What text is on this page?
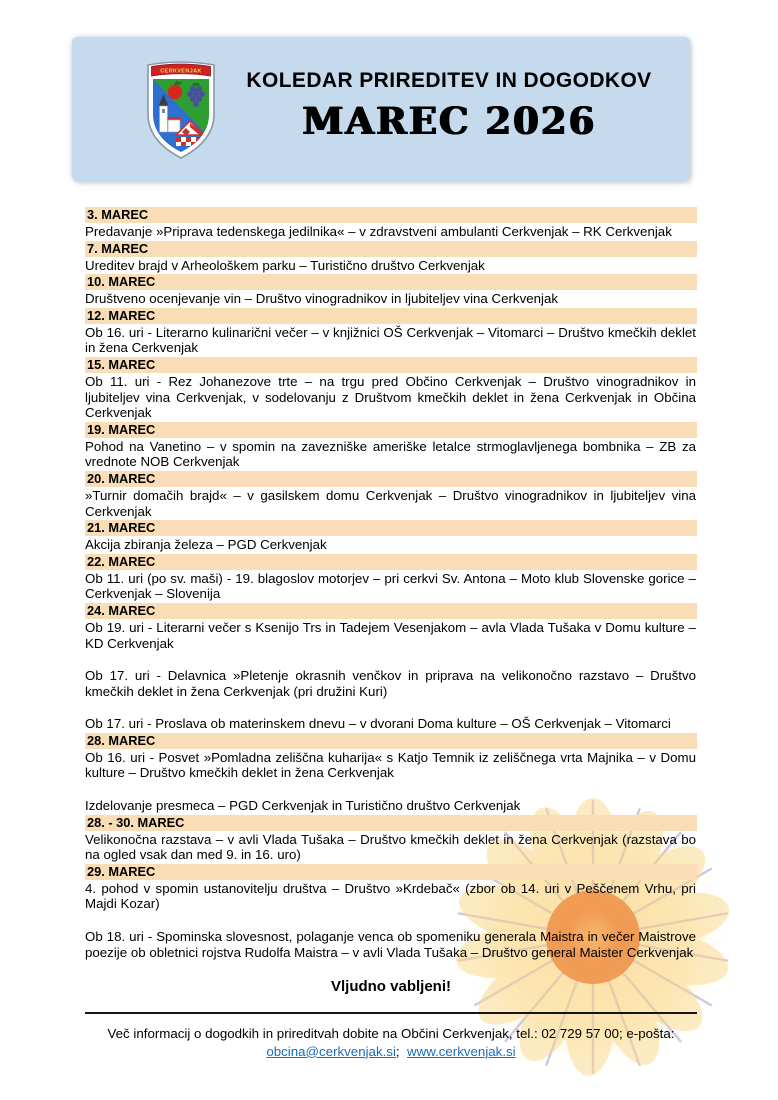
CERKVENJAK	KOLEDAR PRIREDITEV IN DOGODKOV
MAREC 2026
3. MAREC

Predavanje »Priprava tedenskega jedilnika« – v zdravstveni ambulanti Cerkvenjak – RK Cerkvenjak

7. MAREC

Ureditev brajd v Arheološkem parku – Turistično društvo Cerkvenjak

10. MAREC

Društveno ocenjevanje vin – Društvo vinogradnikov in ljubiteljev vina Cerkvenjak

12. MAREC

Ob 16. uri - Literarno kulinarični večer – v knjižnici OŠ Cerkvenjak – Vitomarci – Društvo kmečkih deklet in žena Cerkvenjak

15. MAREC

Ob 11. uri - Rez Johanezove trte – na trgu pred Občino Cerkvenjak – Društvo vinogradnikov in ljubiteljev vina Cerkvenjak, v sodelovanju z Društvom kmečkih deklet in žena Cerkvenjak in Občina Cerkvenjak

19. MAREC

Pohod na Vanetino – v spomin na zavezniške ameriške letalce strmoglavljenega bombnika – ZB za vrednote NOB Cerkvenjak

20. MAREC

»Turnir domačih brajd« – v gasilskem domu Cerkvenjak – Društvo vinogradnikov in ljubiteljev vina Cerkvenjak

21. MAREC

Akcija zbiranja železa – PGD Cerkvenjak

22. MAREC

Ob 11. uri (po sv. maši) - 19. blagoslov motorjev – pri cerkvi Sv. Antona – Moto klub Slovenske gorice – Cerkvenjak – Slovenija

24. MAREC

Ob 19. uri - Literarni večer s Ksenijo Trs in Tadejem Vesenjakom – avla Vlada Tušaka v Domu kulture – KD Cerkvenjak

Ob 17. uri - Delavnica »Pletenje okrasnih venčkov in priprava na velikonočno razstavo – Društvo kmečkih deklet in žena Cerkvenjak (pri družini Kuri)

Ob 17. uri - Proslava ob materinskem dnevu – v dvorani Doma kulture – OŠ Cerkvenjak – Vitomarci

28. MAREC

Ob 16. uri - Posvet »Pomladna zeliščna kuharija« s Katjo Temnik iz zeliščnega vrta Majnika – v Domu kulture – Društvo kmečkih deklet in žena Cerkvenjak

Izdelovanje presmeca – PGD Cerkvenjak in Turistično društvo Cerkvenjak

28. - 30. MAREC

Velikonočna razstava – v avli Vlada Tušaka – Društvo kmečkih deklet in žena Cerkvenjak (razstava bo na ogled vsak dan med 9. in 16. uro)

29. MAREC

4. pohod v spomin ustanovitelju društva – Društvo »Krdebač« (zbor ob 14. uri v Peščenem Vrhu, pri Majdi Kozar)

Ob 18. uri - Spominska slovesnost, polaganje venca ob spomeniku generala Maistra in večer Maistrove poezije ob obletnici rojstva Rudolfa Maistra – v avli Vlada Tušaka – Društvo general Maister Cerkvenjak

Vljudno vabljeni!
Več informacij o dogodkih in prireditvah dobite na Občini Cerkvenjak, tel.: 02 729 57 00; e-pošta:
obcina@cerkvenjak.si; www.cerkvenjak.si
